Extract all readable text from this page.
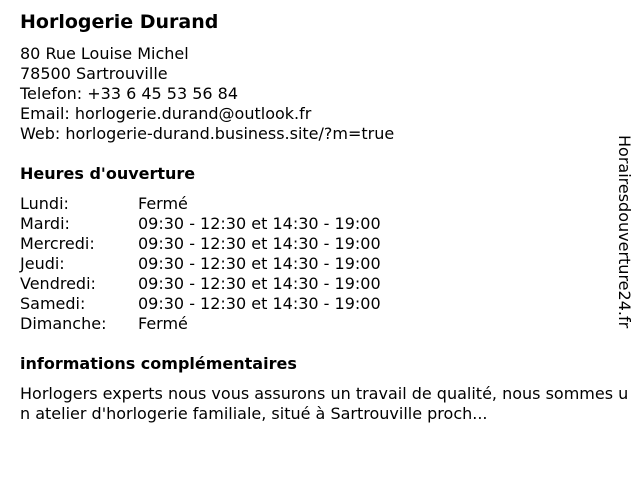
Horlogerie Durand
80 Rue Louise Michel
78500 Sartrouville
Telefon: +33 6 45 53 56 84
Email: horlogerie.durand@outlook.fr
Web: horlogerie-durand.business.site/?m=true
Heures d'ouverture
Lundi:	Fermé
Mardi:	09:30 - 12:30 et 14:30 - 19:00
Mercredi:	09:30 - 12:30 et 14:30 - 19:00
Jeudi:	09:30 - 12:30 et 14:30 - 19:00
Vendredi:	09:30 - 12:30 et 14:30 - 19:00
Samedi:	09:30 - 12:30 et 14:30 - 19:00
Dimanche:	Fermé
informations complémentaires
Horlogers experts nous vous assurons un travail de qualité, nous sommes un atelier d'horlogerie familiale, situé à Sartrouville proch...
Horairesdouverture24.fr
